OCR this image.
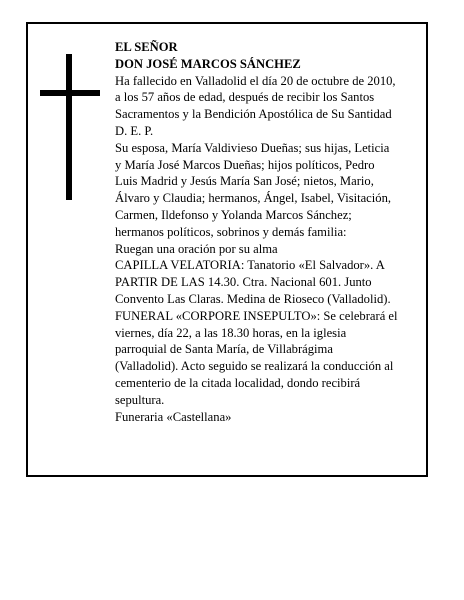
EL SEÑOR

DON JOSÉ MARCOS SÁNCHEZ

Ha fallecido en Valladolid el día 20 de octubre de 2010,

a los 57 años de edad, después de recibir los Santos

Sacramentos y la Bendición Apostólica de Su Santidad

D. E. P.

Su esposa, María Valdivieso Dueñas; sus hijas, Leticia

y María José Marcos Dueñas; hijos políticos, Pedro

Luis Madrid y Jesús María San José; nietos, Mario,

Álvaro y Claudia; hermanos, Ángel, Isabel, Visitación,

Carmen, Ildefonso y Yolanda Marcos Sánchez;

hermanos políticos, sobrinos y demás familia:

Ruegan una oración por su alma

CAPILLA VELATORIA: Tanatorio «El Salvador». A

PARTIR DE LAS 14.30. Ctra. Nacional 601. Junto

Convento Las Claras. Medina de Rioseco (Valladolid).

FUNERAL «CORPORE INSEPULTO»: Se celebrará el

viernes, día 22, a las 18.30 horas, en la iglesia

parroquial de Santa María, de Villabrágima

(Valladolid). Acto seguido se realizará la conducción al

cementerio de la citada localidad, dondo recibirá

sepultura.

Funeraria «Castellana»
